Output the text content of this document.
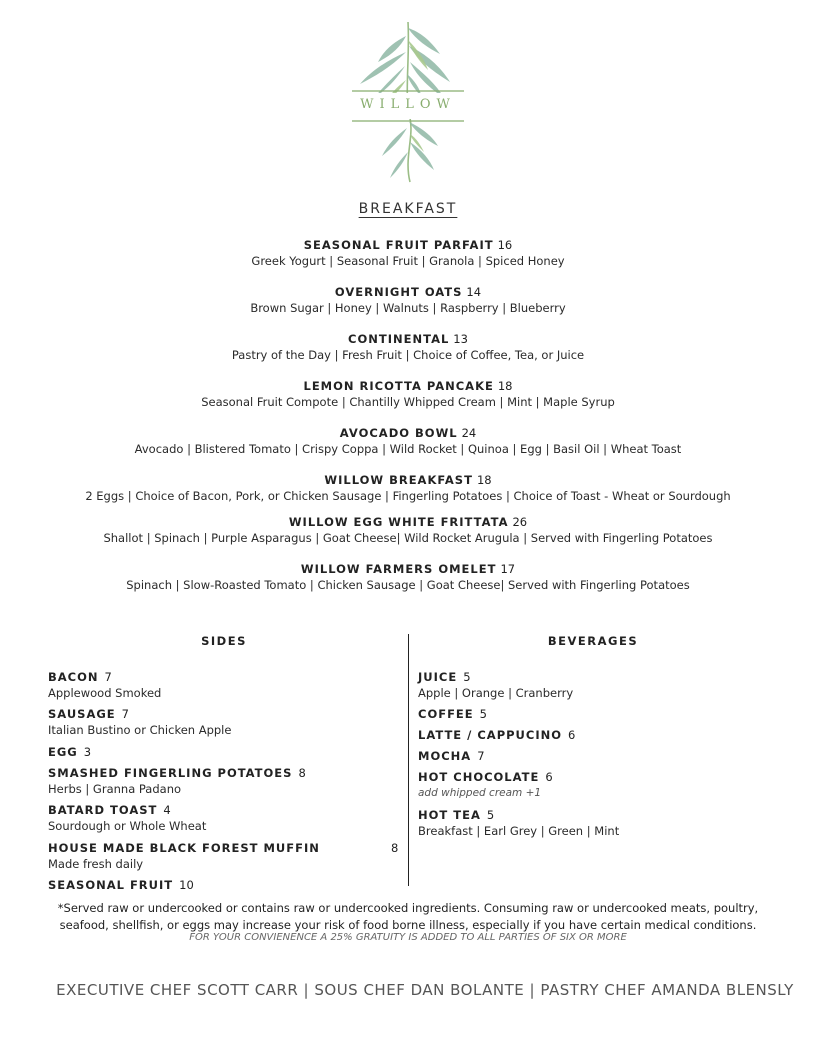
WILLOW
BREAKFAST
SEASONAL FRUIT PARFAIT 16
Greek Yogurt | Seasonal Fruit | Granola | Spiced Honey
OVERNIGHT OATS 14
Brown Sugar | Honey | Walnuts | Raspberry | Blueberry
CONTINENTAL 13
Pastry of the Day | Fresh Fruit | Choice of Coffee, Tea, or Juice
LEMON RICOTTA PANCAKE 18
Seasonal Fruit Compote | Chantilly Whipped Cream | Mint | Maple Syrup
AVOCADO BOWL 24
Avocado | Blistered Tomato | Crispy Coppa | Wild Rocket | Quinoa | Egg | Basil Oil | Wheat Toast
WILLOW BREAKFAST 18
2 Eggs | Choice of Bacon, Pork, or Chicken Sausage | Fingerling Potatoes | Choice of Toast - Wheat or Sourdough
WILLOW EGG WHITE FRITTATA 26
Shallot | Spinach | Purple Asparagus | Goat Cheese| Wild Rocket Arugula | Served with Fingerling Potatoes
WILLOW FARMERS OMELET 17
Spinach | Slow-Roasted Tomato | Chicken Sausage | Goat Cheese| Served with Fingerling Potatoes
SIDES	BEVERAGES
BACON 7
Applewood Smoked
SAUSAGE 7
Italian Bustino or Chicken Apple
EGG 3
SMASHED FINGERLING POTATOES 8
Herbs | Granna Padano
BATARD TOAST 4
Sourdough or Whole Wheat
HOUSE MADE BLACK FOREST MUFFIN	8
Made fresh daily
SEASONAL FRUIT 10
JUICE 5
Apple | Orange | Cranberry
COFFEE 5
LATTE / CAPPUCINO 6
MOCHA 7
HOT CHOCOLATE 6
add whipped cream +1
HOT TEA 5
Breakfast | Earl Grey | Green | Mint
*Served raw or undercooked or contains raw or undercooked ingredients. Consuming raw or undercooked meats, poultry, seafood, shellfish, or eggs may increase your risk of food borne illness, especially if you have certain medical conditions.
FOR YOUR CONVIENENCE A 25% GRATUITY IS ADDED TO ALL PARTIES OF SIX OR MORE
EXECUTIVE CHEF SCOTT CARR | SOUS CHEF DAN BOLANTE | PASTRY CHEF AMANDA BLENSLY
